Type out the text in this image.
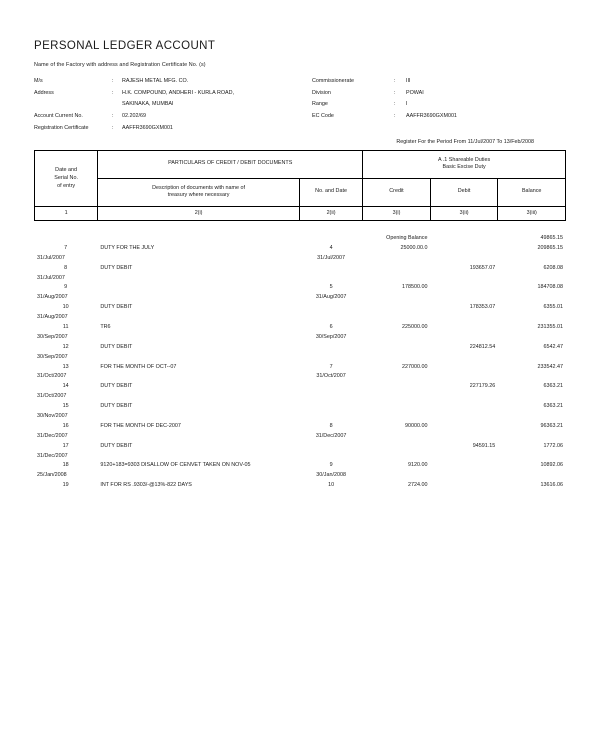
PERSONAL LEDGER ACCOUNT

Name of the Factory with address and Registration Certificate No. (s)

M/s	:	RAJESH METAL MFG. CO.	Commissionerate	:	III
Address	:	H.K. COMPOUND, ANDHERI - KURLA ROAD,	Division	:	POWAI
		SAKINAKA, MUMBAI	Range	:	I
Account Current No.	:	02.202/69	EC Code	:	AAFFR3690GXM001
Registration Certificate	:	AAFFR3690GXM001			
Register For the Period From 11/Jul/2007 To 13/Feb/2008
Date and
Serial No.
of entry
	PARTICULARS OF CREDIT / DEBIT DOCUMENTS	
A .1 Shareable Duties
Basic Excise Duty

	Description of documents with name of
treasury where necessary	No. and Date	Credit	Debit	Balance
1	2(i)	2(ii)	3(i)	3(ii)	3(iii)
			Opening Balance		49865.15
7	DUTY FOR THE JULY	4	25000.00.0		209865.15
31/Jul/2007		31/Jul/2007			
8	DUTY DEBIT			193657.07	6208.08
31/Jul/2007					
9		5	178500.00		184708.08
31/Aug/2007		31/Aug/2007			
10	DUTY DEBIT			178353.07	6355.01
31/Aug/2007					
11	TR6	6	225000.00		231355.01
30/Sep/2007		30/Sep/2007			
12	DUTY DEBIT			224812.54	6542.47
30/Sep/2007					
13	FOR THE MONTH OF OCT--07	7	227000.00		233542.47
31/Oct/2007		31/Oct/2007			
14	DUTY DEBIT			227179.26	6363.21
31/Oct/2007					
15	DUTY DEBIT				6363.21
30/Nov/2007					
16	FOR THE MONTH OF DEC-2007	8	90000.00		96363.21
31/Dec/2007		31/Dec/2007			
17	DUTY DEBIT			94591.15	1772.06
31/Dec/2007					
18	9120+183=9303 DISALLOW OF CENVET TAKEN ON NOV-05	9	9120.00		10892.06
25/Jan/2008		30/Jan/2008			
19	INT FOR RS .9303/-@13%-822 DAYS	10	2724.00		13616.06
